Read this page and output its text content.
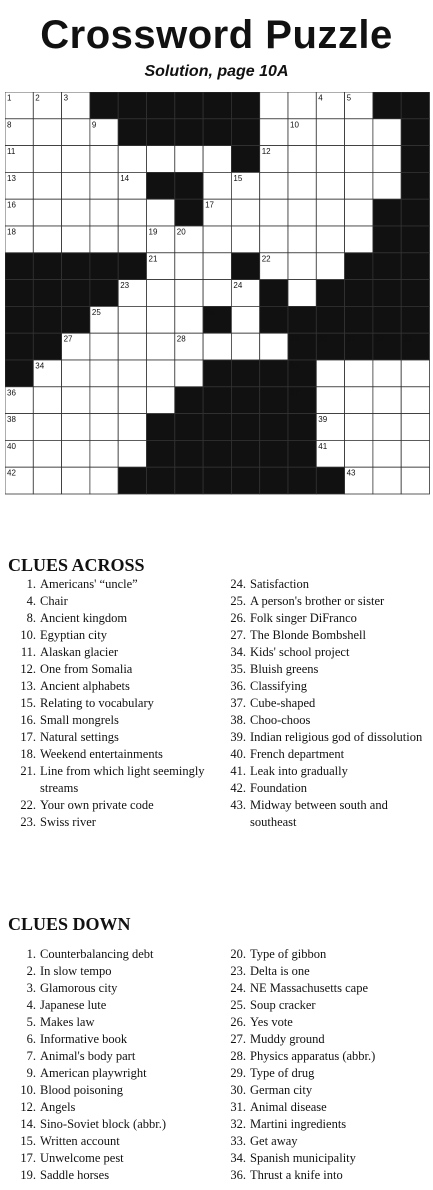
Crossword Puzzle
Solution, page 10A
1	2	3	4	5	6	7
8	9	10
11	12
13	14	15
16	17
18	19 20
21	22
23	24
25	26
27	28	29 30 31 32 33
34	35
36	37
38	39
40	41
42	43
CLUES ACROSS
1. Americans' “uncle”
4. Chair
8. Ancient kingdom
10. Egyptian city
11. Alaskan glacier
12. One from Somalia
13. Ancient alphabets
15. Relating to vocabulary
16. Small mongrels
17. Natural settings
18. Weekend entertainments
21. Line from which light seemingly streams
22. Your own private code
23. Swiss river
24. Satisfaction
25. A person's brother or sister
26. Folk singer DiFranco
27. The Blonde Bombshell
34. Kids' school project
35. Bluish greens
36. Classifying
37. Cube-shaped
38. Choo-choos
39. Indian religious god of dissolution
40. French department
41. Leak into gradually
42. Foundation
43. Midway between south and southeast
CLUES DOWN
1. Counterbalancing debt
2. In slow tempo
3. Glamorous city
4. Japanese lute
5. Makes law
6. Informative book
7. Animal's body part
9. American playwright
10. Blood poisoning
12. Angels
14. Sino-Soviet block (abbr.)
15. Written account
17. Unwelcome pest
19. Saddle horses
20. Type of gibbon
23. Delta is one
24. NE Massachusetts cape
25. Soup cracker
26. Yes vote
27. Muddy ground
28. Physics apparatus (abbr.)
29. Type of drug
30. German city
31. Animal disease
32. Martini ingredients
33. Get away
34. Spanish municipality
36. Thrust a knife into
